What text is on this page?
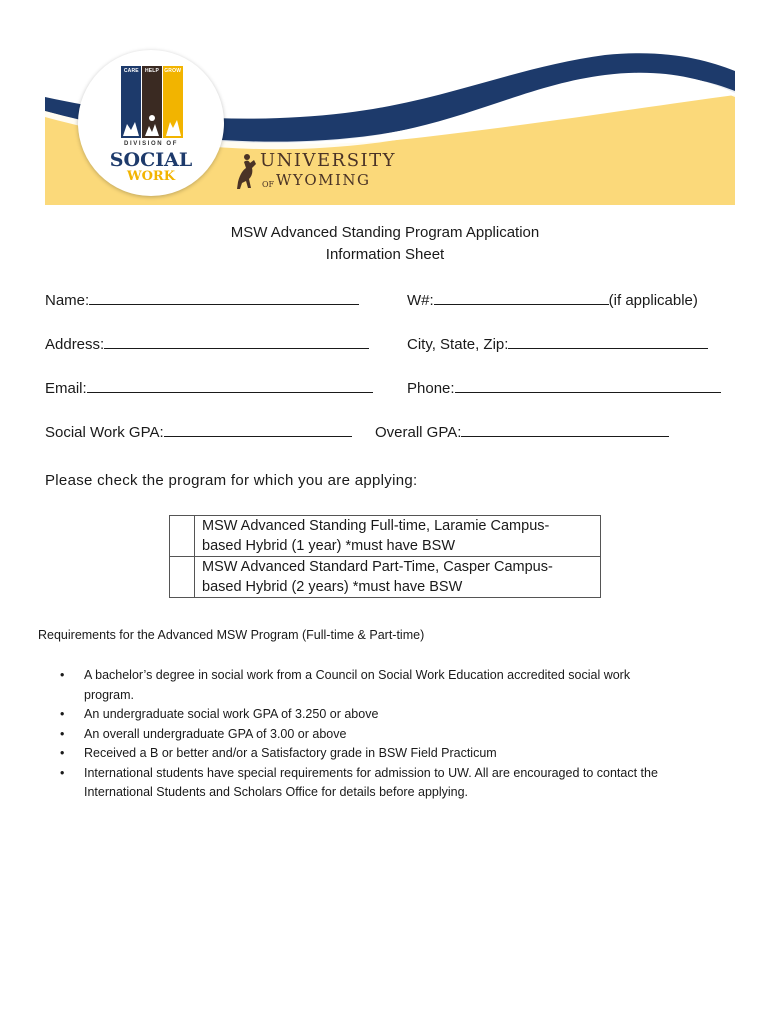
CARE	HELP	GROW
DIVISION OF
SOCIAL
WORK
UNIVERSITY
OF WYOMING
MSW Advanced Standing Program Application
Information Sheet
Name:	W#:	(if applicable)
Address:	City, State, Zip:
Email:	Phone:
Social Work GPA:	Overall GPA:
Please check the program for which you are applying:

	MSW Advanced Standing Full-time, Laramie Campus-
based Hybrid (1 year) *must have BSW

	MSW Advanced Standard Part-Time, Casper Campus-
based Hybrid (2 years) *must have BSW
Requirements for the Advanced MSW Program (Full-time & Part-time)
• A bachelor’s degree in social work from a Council on Social Work Education accredited social work
program.
• An undergraduate social work GPA of 3.250 or above
• An overall undergraduate GPA of 3.00 or above
• Received a B or better and/or a Satisfactory grade in BSW Field Practicum
• International students have special requirements for admission to UW. All are encouraged to contact the
International Students and Scholars Office for details before applying.
